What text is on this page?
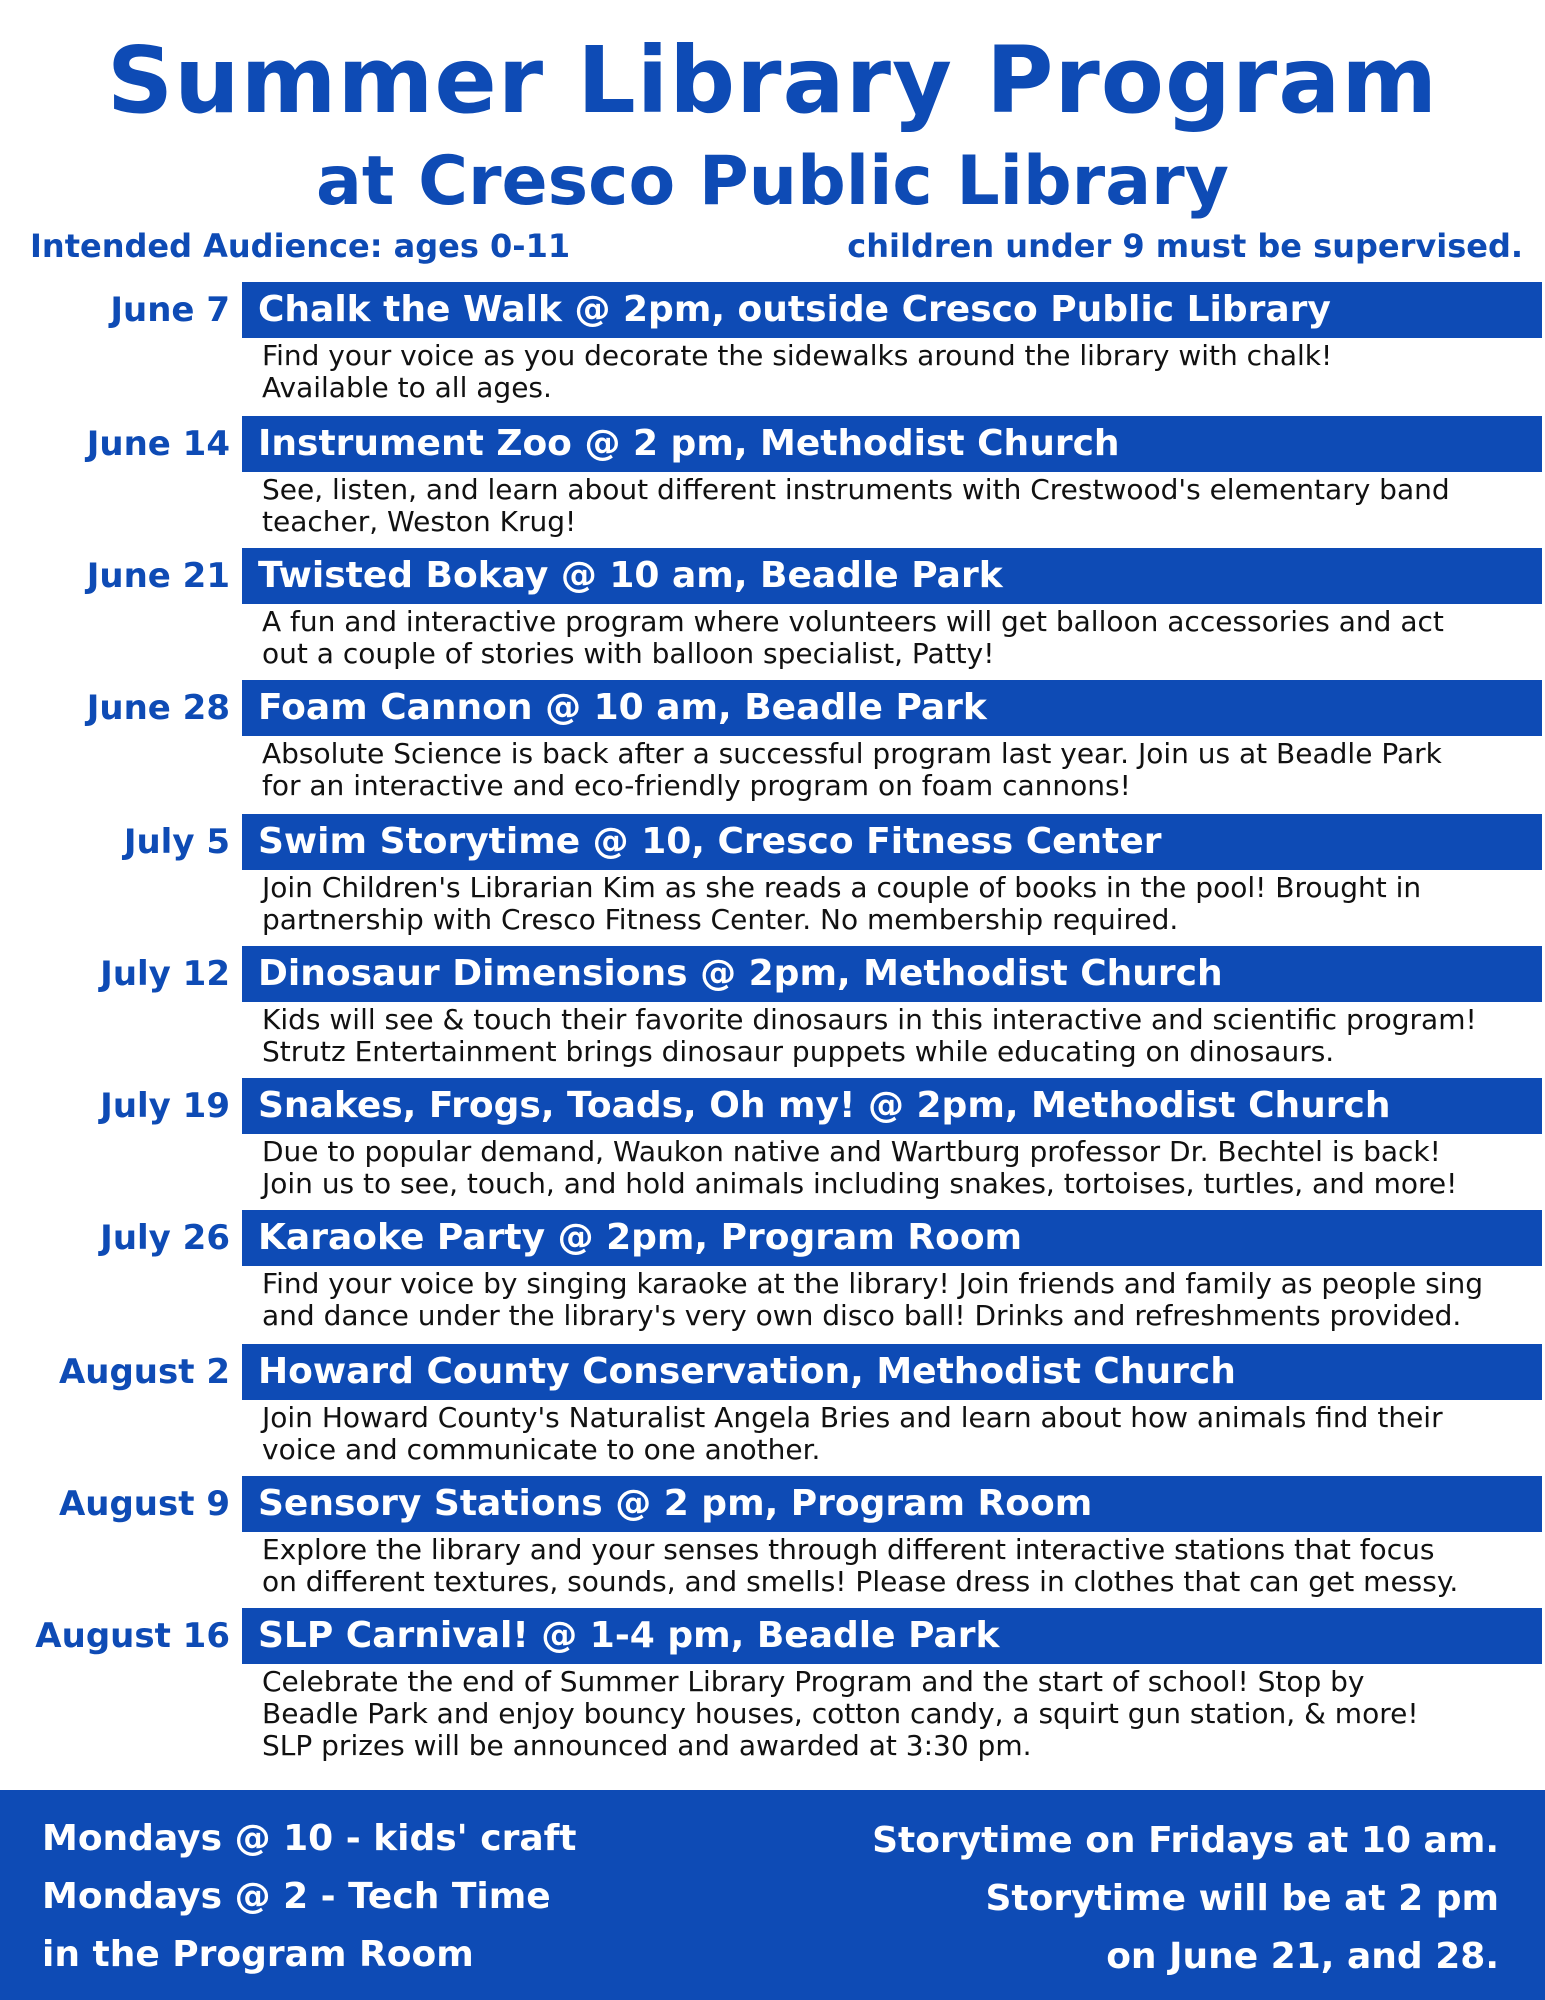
Summer Library Program
at Cresco Public Library
Intended Audience: ages 0-11	children under 9 must be supervised.
June 7 Chalk the Walk @ 2pm, outside Cresco Public Library
Find your voice as you decorate the sidewalks around the library with chalk!
Available to all ages.
June 14 Instrument Zoo @ 2 pm, Methodist Church
See, listen, and learn about different instruments with Crestwood's elementary band
teacher, Weston Krug!
June 21 Twisted Bokay @ 10 am, Beadle Park
A fun and interactive program where volunteers will get balloon accessories and act
out a couple of stories with balloon specialist, Patty!
June 28 Foam Cannon @ 10 am, Beadle Park
Absolute Science is back after a successful program last year. Join us at Beadle Park
for an interactive and eco-friendly program on foam cannons!
July 5 Swim Storytime @ 10, Cresco Fitness Center
Join Children's Librarian Kim as she reads a couple of books in the pool! Brought in
partnership with Cresco Fitness Center. No membership required.
July 12 Dinosaur Dimensions @ 2pm, Methodist Church
Kids will see & touch their favorite dinosaurs in this interactive and scientific program!
Strutz Entertainment brings dinosaur puppets while educating on dinosaurs.
July 19 Snakes, Frogs, Toads, Oh my! @ 2pm, Methodist Church
Due to popular demand, Waukon native and Wartburg professor Dr. Bechtel is back!
Join us to see, touch, and hold animals including snakes, tortoises, turtles, and more!
July 26 Karaoke Party @ 2pm, Program Room
Find your voice by singing karaoke at the library! Join friends and family as people sing
and dance under the library's very own disco ball! Drinks and refreshments provided.
August 2 Howard County Conservation, Methodist Church
Join Howard County's Naturalist Angela Bries and learn about how animals find their
voice and communicate to one another.
August 9 Sensory Stations @ 2 pm, Program Room
Explore the library and your senses through different interactive stations that focus
on different textures, sounds, and smells! Please dress in clothes that can get messy.
August 16 SLP Carnival! @ 1-4 pm, Beadle Park
Celebrate the end of Summer Library Program and the start of school! Stop by
Beadle Park and enjoy bouncy houses, cotton candy, a squirt gun station, & more!
SLP prizes will be announced and awarded at 3:30 pm.
Mondays @ 10 - kids' craft
Mondays @ 2 - Tech Time
in the Program Room
Storytime on Fridays at 10 am.
Storytime will be at 2 pm
on June 21, and 28.
